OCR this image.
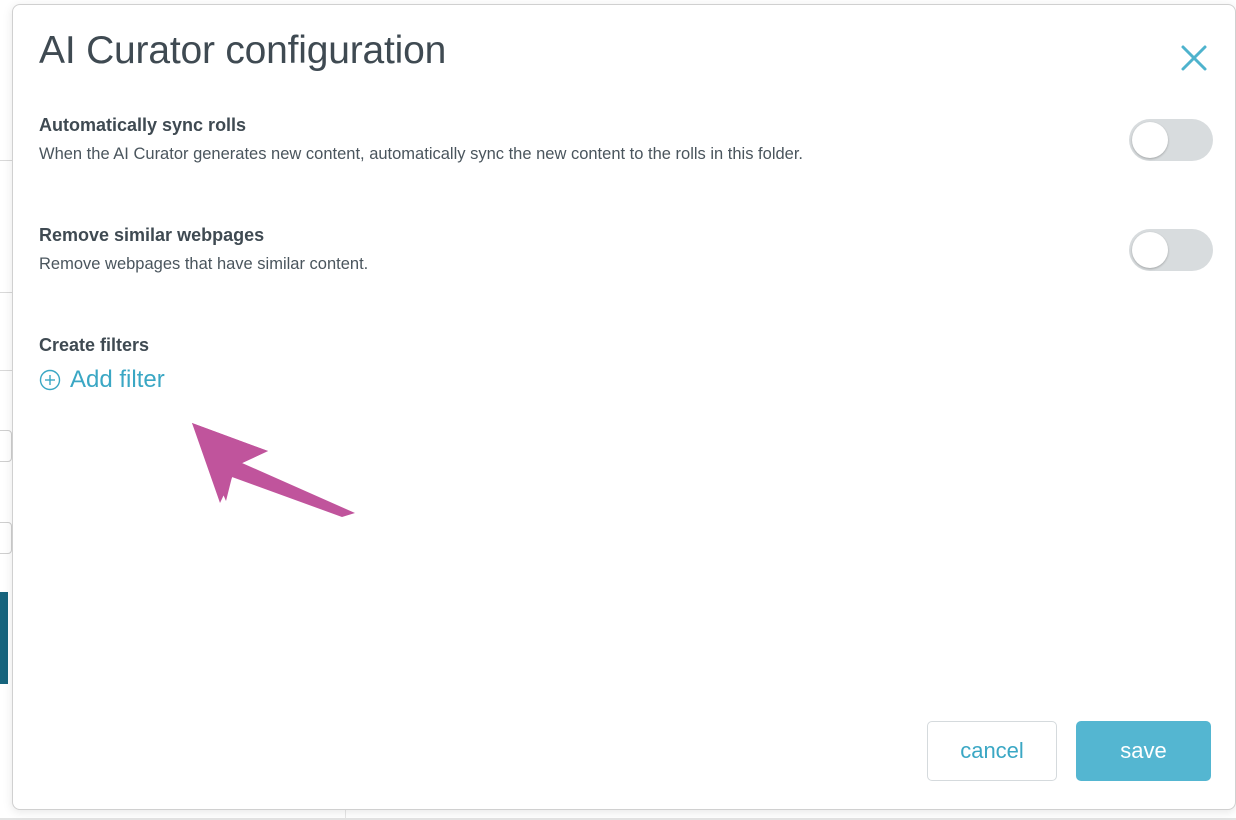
AI Curator configuration
Automatically sync rolls
When the AI Curator generates new content, automatically sync the new content to the rolls in this folder.
Remove similar webpages
Remove webpages that have similar content.
Create filters
Add filter
cancel	save
